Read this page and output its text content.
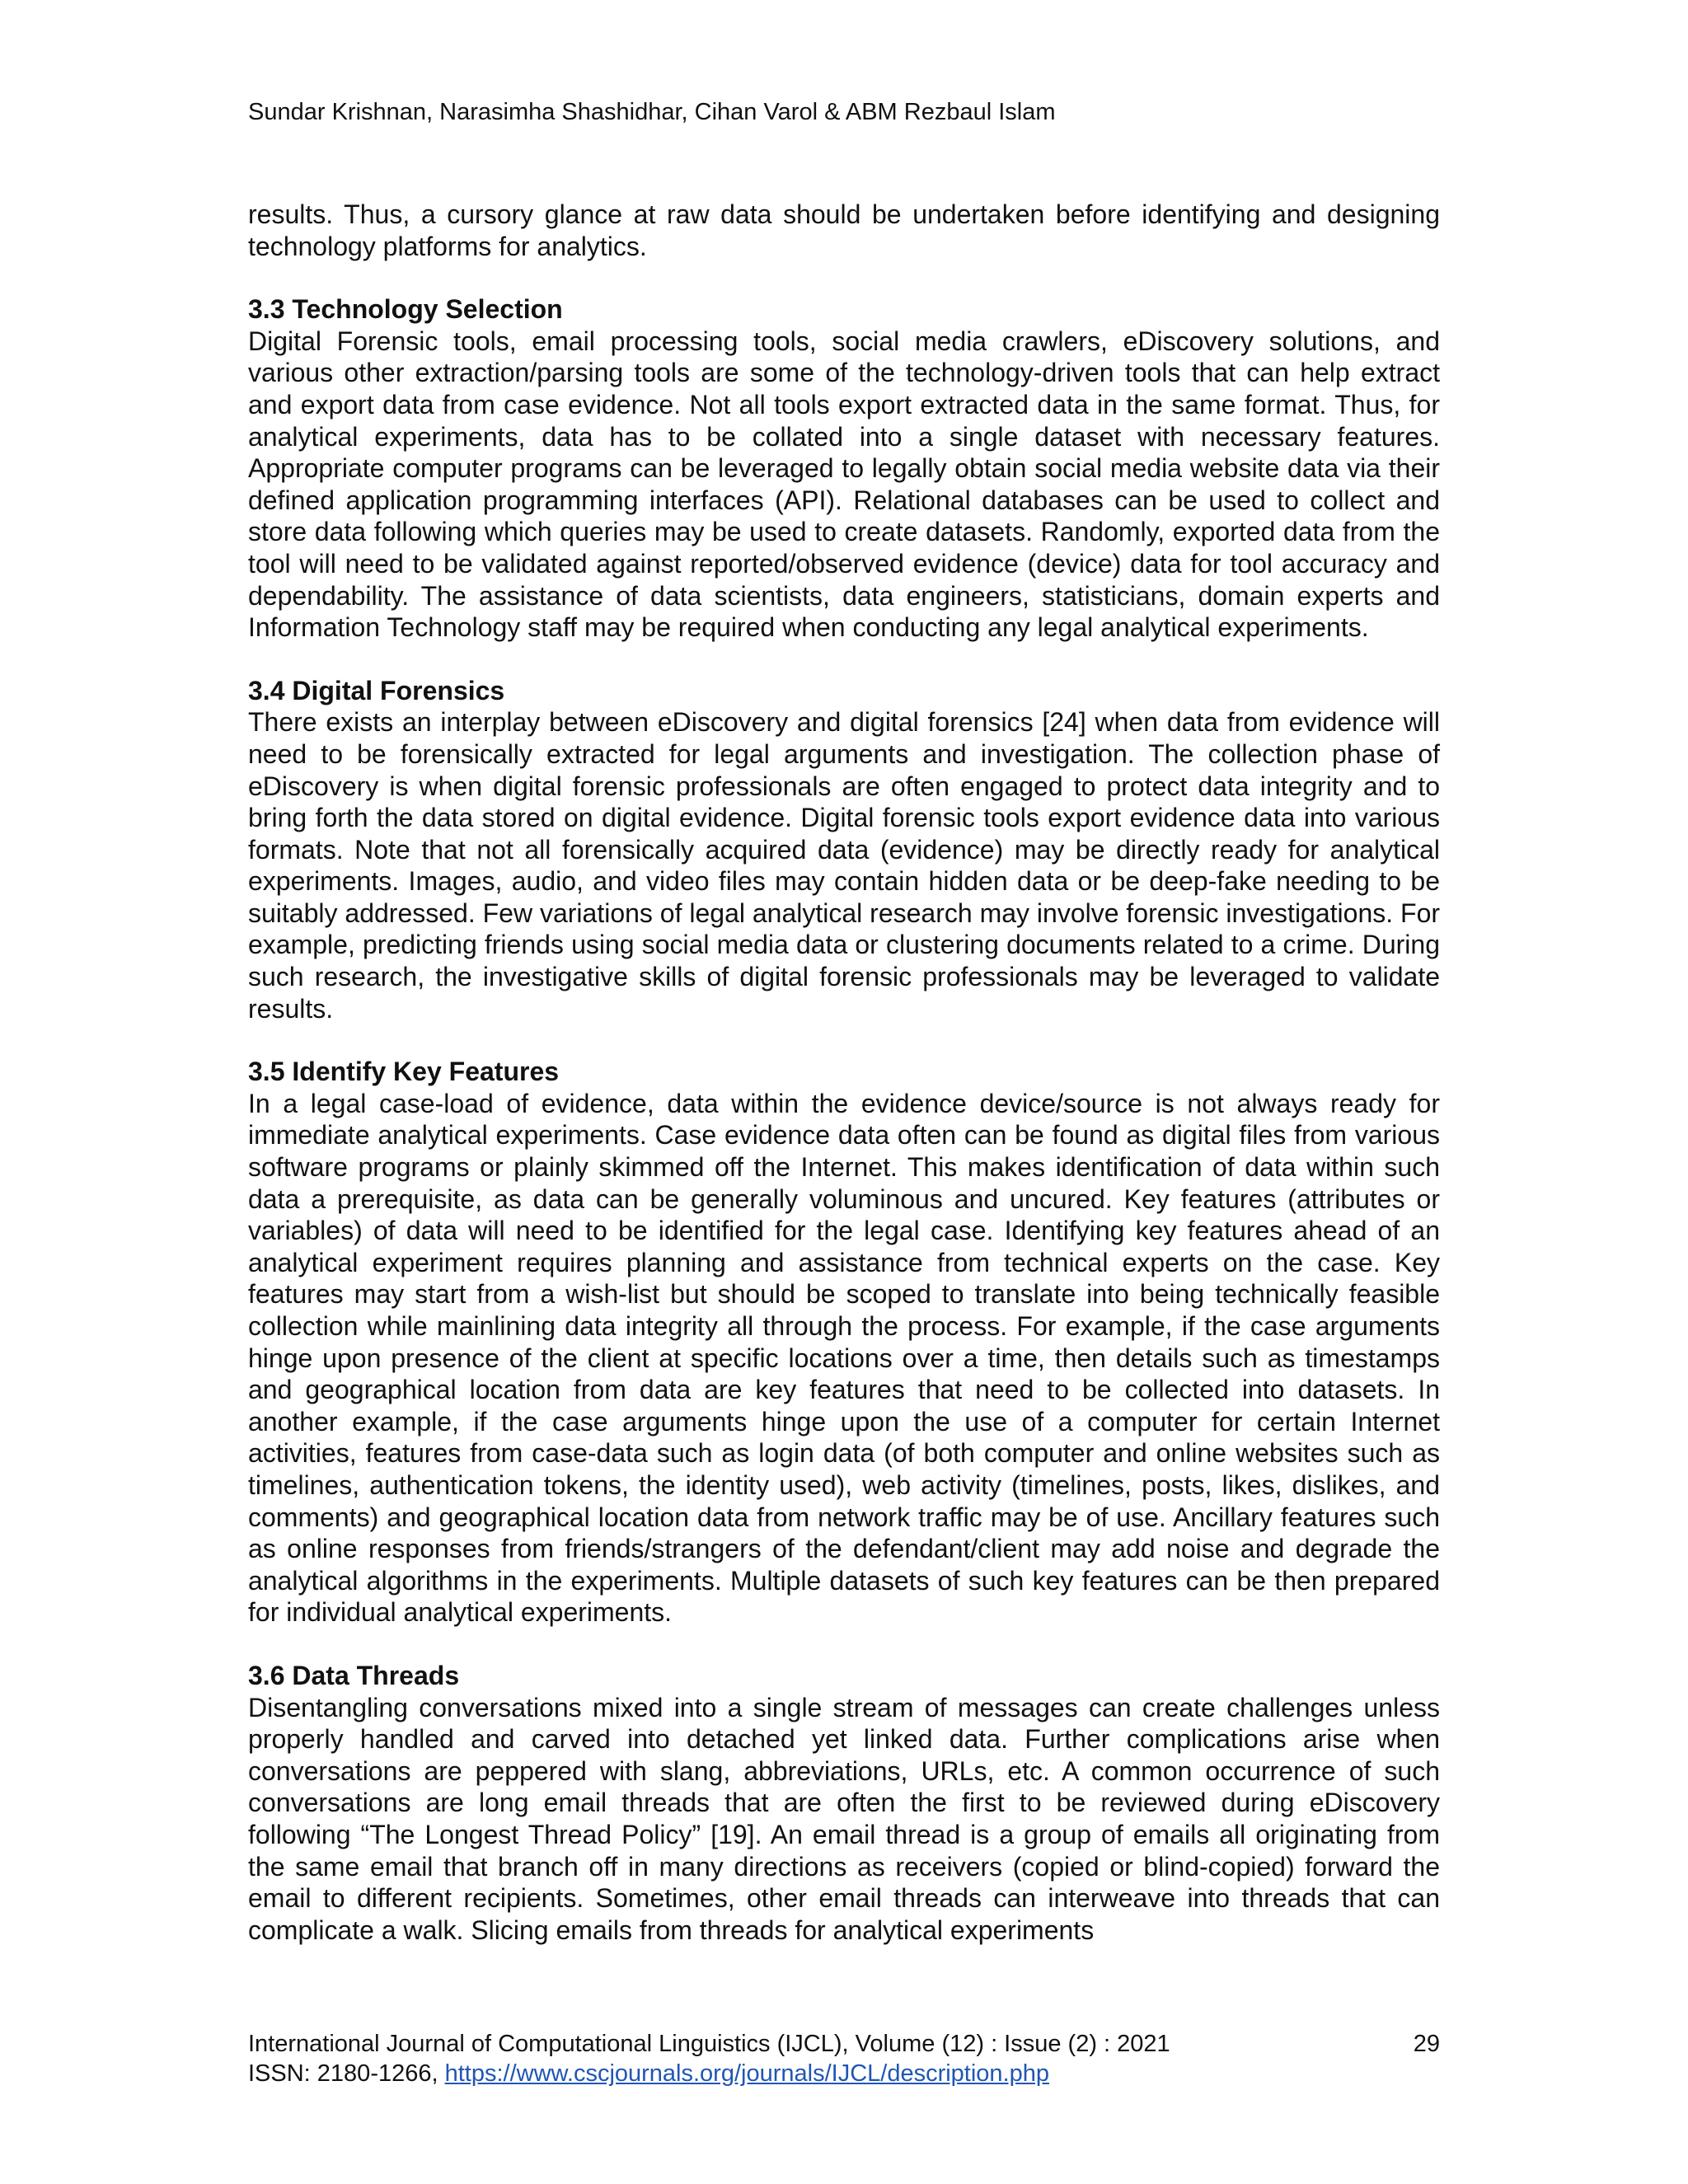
Sundar Krishnan, Narasimha Shashidhar, Cihan Varol & ABM Rezbaul Islam

results. Thus, a cursory glance at raw data should be undertaken before identifying and designing technology platforms for analytics.

3.3 Technology Selection

Digital Forensic tools, email processing tools, social media crawlers, eDiscovery solutions, and various other extraction/parsing tools are some of the technology-driven tools that can help extract and export data from case evidence. Not all tools export extracted data in the same format. Thus, for analytical experiments, data has to be collated into a single dataset with necessary features. Appropriate computer programs can be leveraged to legally obtain social media website data via their defined application programming interfaces (API). Relational databases can be used to collect and store data following which queries may be used to create datasets. Randomly, exported data from the tool will need to be validated against reported/observed evidence (device) data for tool accuracy and dependability. The assistance of data scientists, data engineers, statisticians, domain experts and Information Technology staff may be required when conducting any legal analytical experiments.

3.4 Digital Forensics

There exists an interplay between eDiscovery and digital forensics [24] when data from evidence will need to be forensically extracted for legal arguments and investigation. The collection phase of eDiscovery is when digital forensic professionals are often engaged to protect data integrity and to bring forth the data stored on digital evidence. Digital forensic tools export evidence data into various formats. Note that not all forensically acquired data (evidence) may be directly ready for analytical experiments. Images, audio, and video files may contain hidden data or be deep-fake needing to be suitably addressed. Few variations of legal analytical research may involve forensic investigations. For example, predicting friends using social media data or clustering documents related to a crime. During such research, the investigative skills of digital forensic professionals may be leveraged to validate results.

3.5 Identify Key Features

In a legal case-load of evidence, data within the evidence device/source is not always ready for immediate analytical experiments. Case evidence data often can be found as digital files from various software programs or plainly skimmed off the Internet. This makes identification of data within such data a prerequisite, as data can be generally voluminous and uncured. Key features (attributes or variables) of data will need to be identified for the legal case. Identifying key features ahead of an analytical experiment requires planning and assistance from technical experts on the case. Key features may start from a wish-list but should be scoped to translate into being technically feasible collection while mainlining data integrity all through the process. For example, if the case arguments hinge upon presence of the client at specific locations over a time, then details such as timestamps and geographical location from data are key features that need to be collected into datasets. In another example, if the case arguments hinge upon the use of a computer for certain Internet activities, features from case-data such as login data (of both computer and online websites such as timelines, authentication tokens, the identity used), web activity (timelines, posts, likes, dislikes, and comments) and geographical location data from network traffic may be of use. Ancillary features such as online responses from friends/strangers of the defendant/client may add noise and degrade the analytical algorithms in the experiments. Multiple datasets of such key features can be then prepared for individual analytical experiments.

3.6 Data Threads

Disentangling conversations mixed into a single stream of messages can create challenges unless properly handled and carved into detached yet linked data. Further complications arise when conversations are peppered with slang, abbreviations, URLs, etc. A common occurrence of such conversations are long email threads that are often the first to be reviewed during eDiscovery following “The Longest Thread Policy” [19]. An email thread is a group of emails all originating from the same email that branch off in many directions as receivers (copied or blind-copied) forward the email to different recipients. Sometimes, other email threads can interweave into threads that can complicate a walk. Slicing emails from threads for analytical experiments

International Journal of Computational Linguistics (IJCL), Volume (12) : Issue (2) : 2021	29
ISSN: 2180-1266, https://www.cscjournals.org/journals/IJCL/description.php
